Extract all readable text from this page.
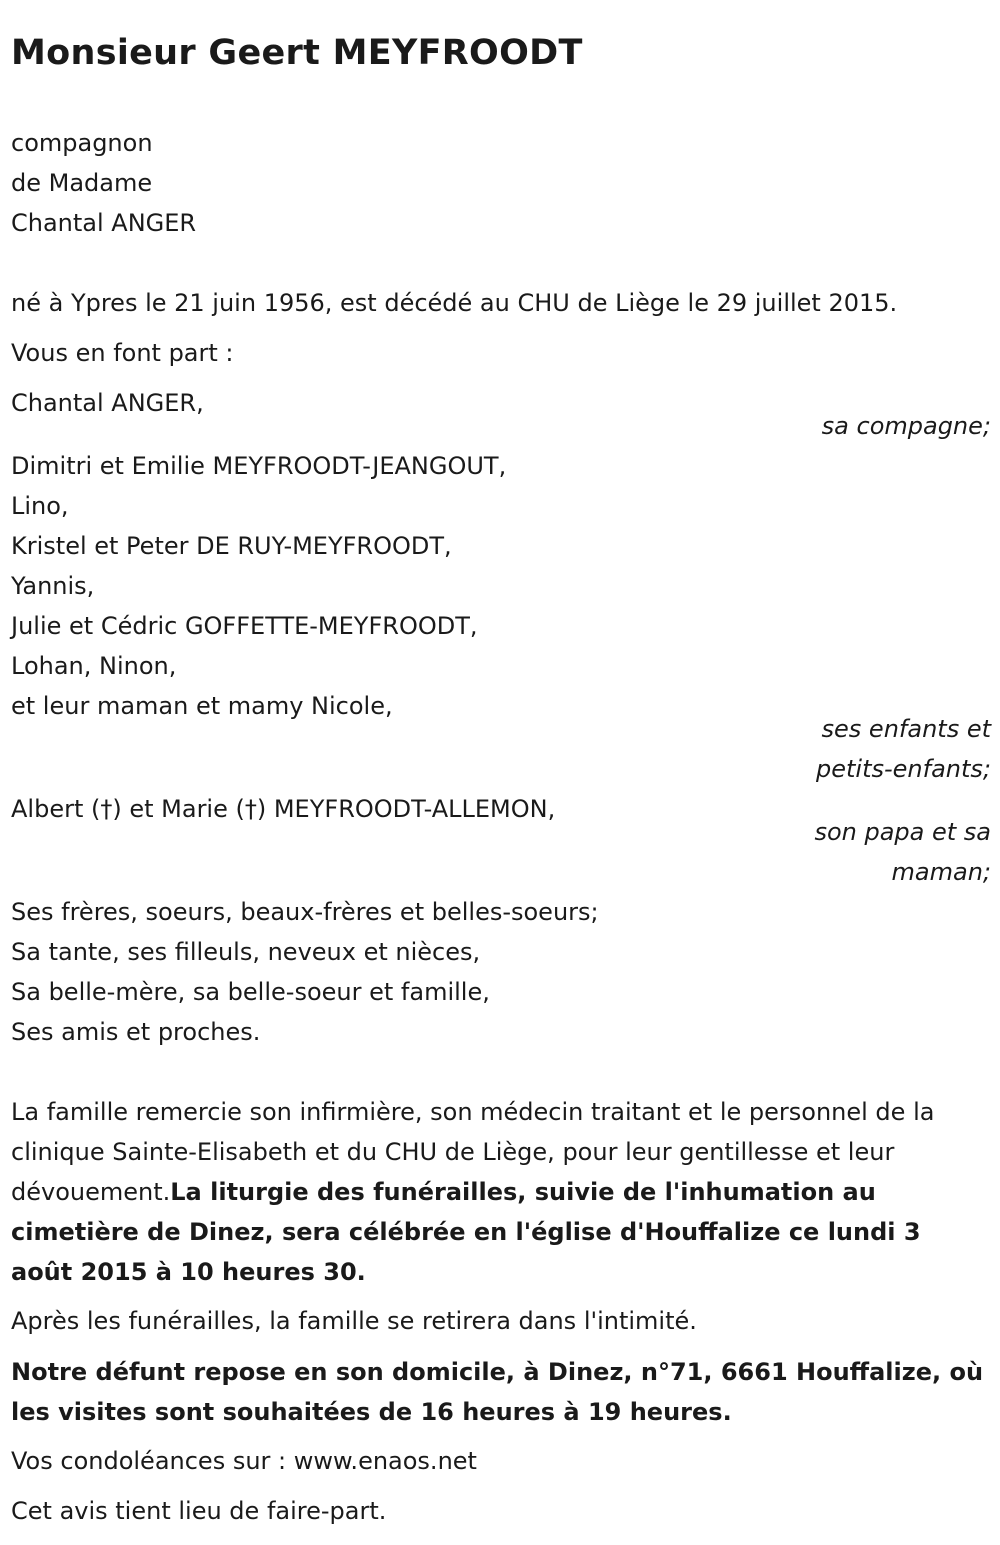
Monsieur Geert MEYFROODT
compagnon
de Madame
Chantal ANGER
né à Ypres le 21 juin 1956, est décédé au CHU de Liège le 29 juillet 2015.
Vous en font part :
Chantal ANGER,
sa compagne;
Dimitri et Emilie MEYFROODT-JEANGOUT,
Lino,
Kristel et Peter DE RUY-MEYFROODT,
Yannis,
Julie et Cédric GOFFETTE-MEYFROODT,
Lohan, Ninon,
et leur maman et mamy Nicole,
ses enfants et
petits-enfants;
Albert (†) et Marie (†) MEYFROODT-ALLEMON,
son papa et sa
maman;
Ses frères, soeurs, beaux-frères et belles-soeurs;
Sa tante, ses filleuls, neveux et nièces,
Sa belle-mère, sa belle-soeur et famille,
Ses amis et proches.
La famille remercie son infirmière, son médecin traitant et le personnel de la clinique Sainte-Elisabeth et du CHU de Liège, pour leur gentillesse et leur dévouement.La liturgie des funérailles, suivie de l'inhumation au cimetière de Dinez, sera célébrée en l'église d'Houffalize ce lundi 3 août 2015 à 10 heures 30.
Après les funérailles, la famille se retirera dans l'intimité.
Notre défunt repose en son domicile, à Dinez, n°71, 6661 Houffalize, où les visites sont souhaitées de 16 heures à 19 heures.
Vos condoléances sur : www.enaos.net
Cet avis tient lieu de faire-part.
